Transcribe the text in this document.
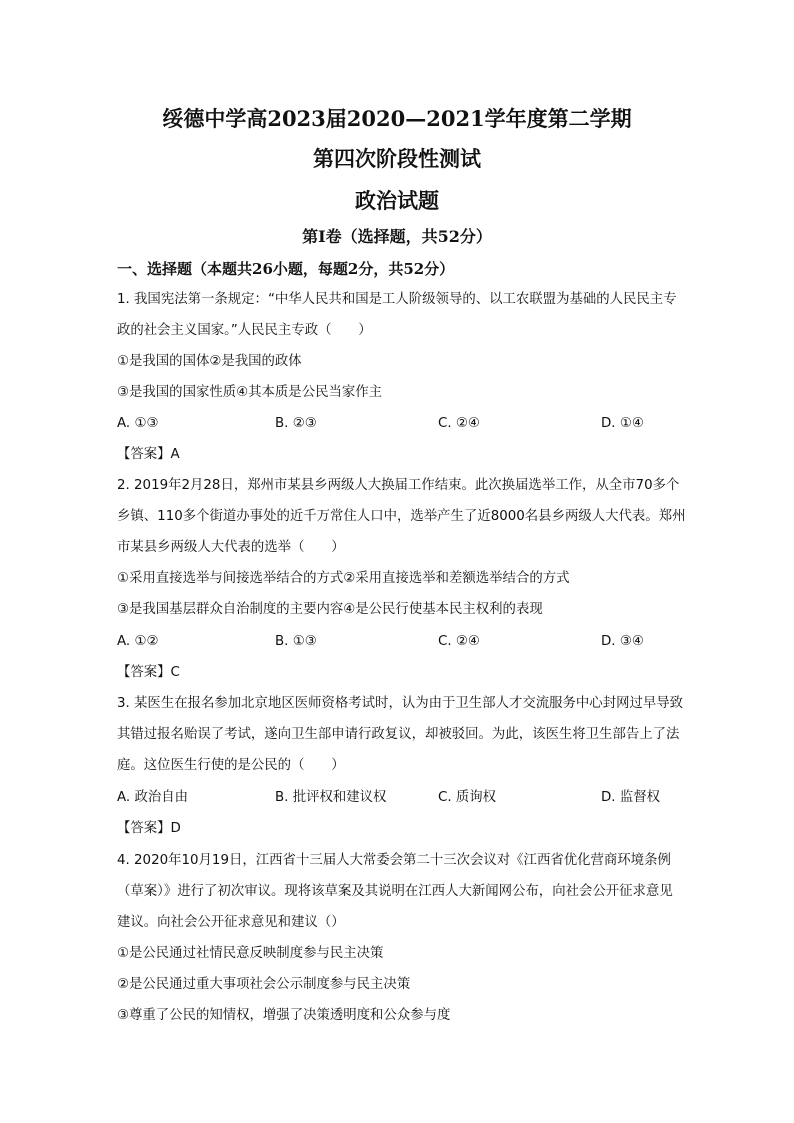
绥德中学高2023届2020—2021学年度第二学期
第四次阶段性测试
政治试题
第Ⅰ卷（选择题，共52分）
一、选择题（本题共26小题，每题2分，共52分）
1. 我国宪法第一条规定：“中华人民共和国是工人阶级领导的、以工农联盟为基础的人民民主专
政的社会主义国家。”人民民主专政（　　）
①是我国的国体②是我国的政体
③是我国的国家性质④其本质是公民当家作主
A. ①③	B. ②③	C. ②④	D. ①④
【答案】A
2. 2019年2月28日，郑州市某县乡两级人大换届工作结束。此次换届选举工作，从全市70多个
乡镇、110多个街道办事处的近千万常住人口中，选举产生了近8000名县乡两级人大代表。郑州
市某县乡两级人大代表的选举（　　）
①采用直接选举与间接选举结合的方式②采用直接选举和差额选举结合的方式
③是我国基层群众自治制度的主要内容④是公民行使基本民主权利的表现
A. ①②	B. ①③	C. ②④	D. ③④
【答案】C
3. 某医生在报名参加北京地区医师资格考试时，认为由于卫生部人才交流服务中心封网过早导致
其错过报名贻误了考试，遂向卫生部申请行政复议，却被驳回。为此，该医生将卫生部告上了法
庭。这位医生行使的是公民的（　　）
A. 政治自由	B. 批评权和建议权	C. 质询权	D. 监督权
【答案】D
4. 2020年10月19日，江西省十三届人大常委会第二十三次会议对《江西省优化营商环境条例
（草案）》进行了初次审议。现将该草案及其说明在江西人大新闻网公布，向社会公开征求意见
建议。向社会公开征求意见和建议（）
①是公民通过社情民意反映制度参与民主决策
②是公民通过重大事项社会公示制度参与民主决策
③尊重了公民的知情权，增强了决策透明度和公众参与度
